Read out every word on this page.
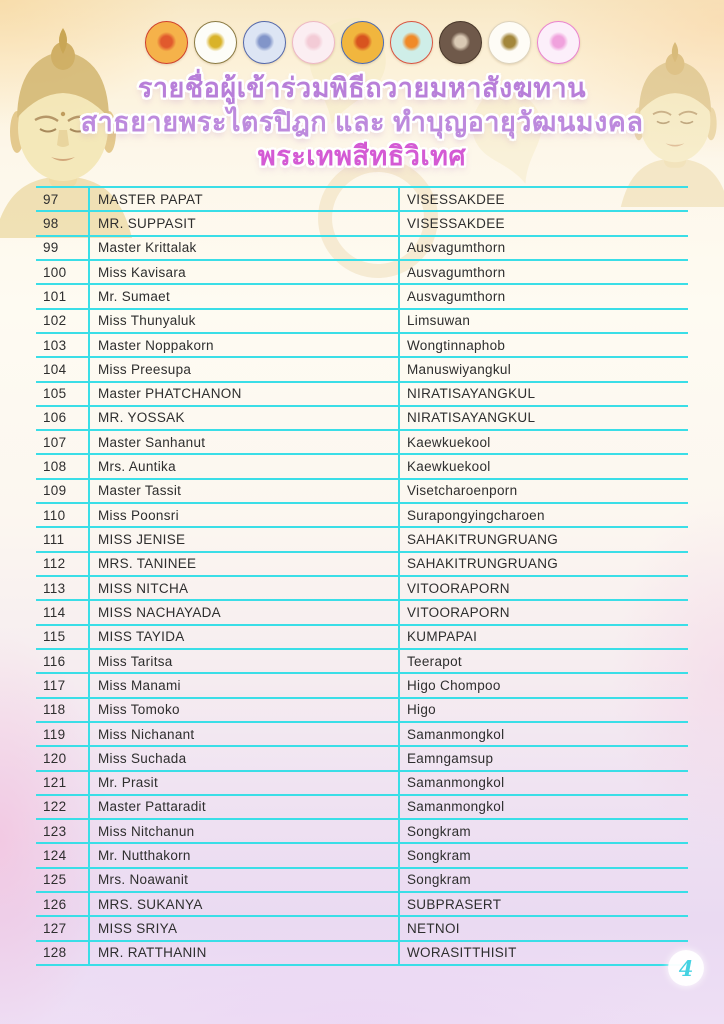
รายชื่อผู้เข้าร่วมพิธีถวายมหาสังฆทาน
สาธยายพระไตรปิฎก และ ทำบุญอายุวัฒนมงคล
พระเทพสีทธิวิเทศ
97	MASTER PAPAT	VISESSAKDEE
98	MR. SUPPASIT	VISESSAKDEE
99	Master Krittalak	Ausvagumthorn
100	Miss Kavisara	Ausvagumthorn
101	Mr. Sumaet	Ausvagumthorn
102	Miss Thunyaluk	Limsuwan
103	Master Noppakorn	Wongtinnaphob
104	Miss Preesupa	Manuswiyangkul
105	Master PHATCHANON	NIRATISAYANGKUL
106	MR. YOSSAK	NIRATISAYANGKUL
107	Master Sanhanut	Kaewkuekool
108	Mrs. Auntika	Kaewkuekool
109	Master Tassit	Visetcharoenporn
110	Miss Poonsri	Surapongyingcharoen
111	MISS JENISE	SAHAKITRUNGRUANG
112	MRS. TANINEE	SAHAKITRUNGRUANG
113	MISS NITCHA	VITOORAPORN
114	MISS NACHAYADA	VITOORAPORN
115	MISS TAYIDA	KUMPAPAI
116	Miss Taritsa	Teerapot
117	Miss Manami	Higo Chompoo
118	Miss Tomoko	Higo
119	Miss Nichanant	Samanmongkol
120	Miss Suchada	Eamngamsup
121	Mr. Prasit	Samanmongkol
122	Master Pattaradit	Samanmongkol
123	Miss Nitchanun	Songkram
124	Mr. Nutthakorn	Songkram
125	Mrs. Noawanit	Songkram
126	MRS. SUKANYA	SUBPRASERT
127	MISS SRIYA	NETNOI
128	MR. RATTHANIN	WORASITTHISIT
4
